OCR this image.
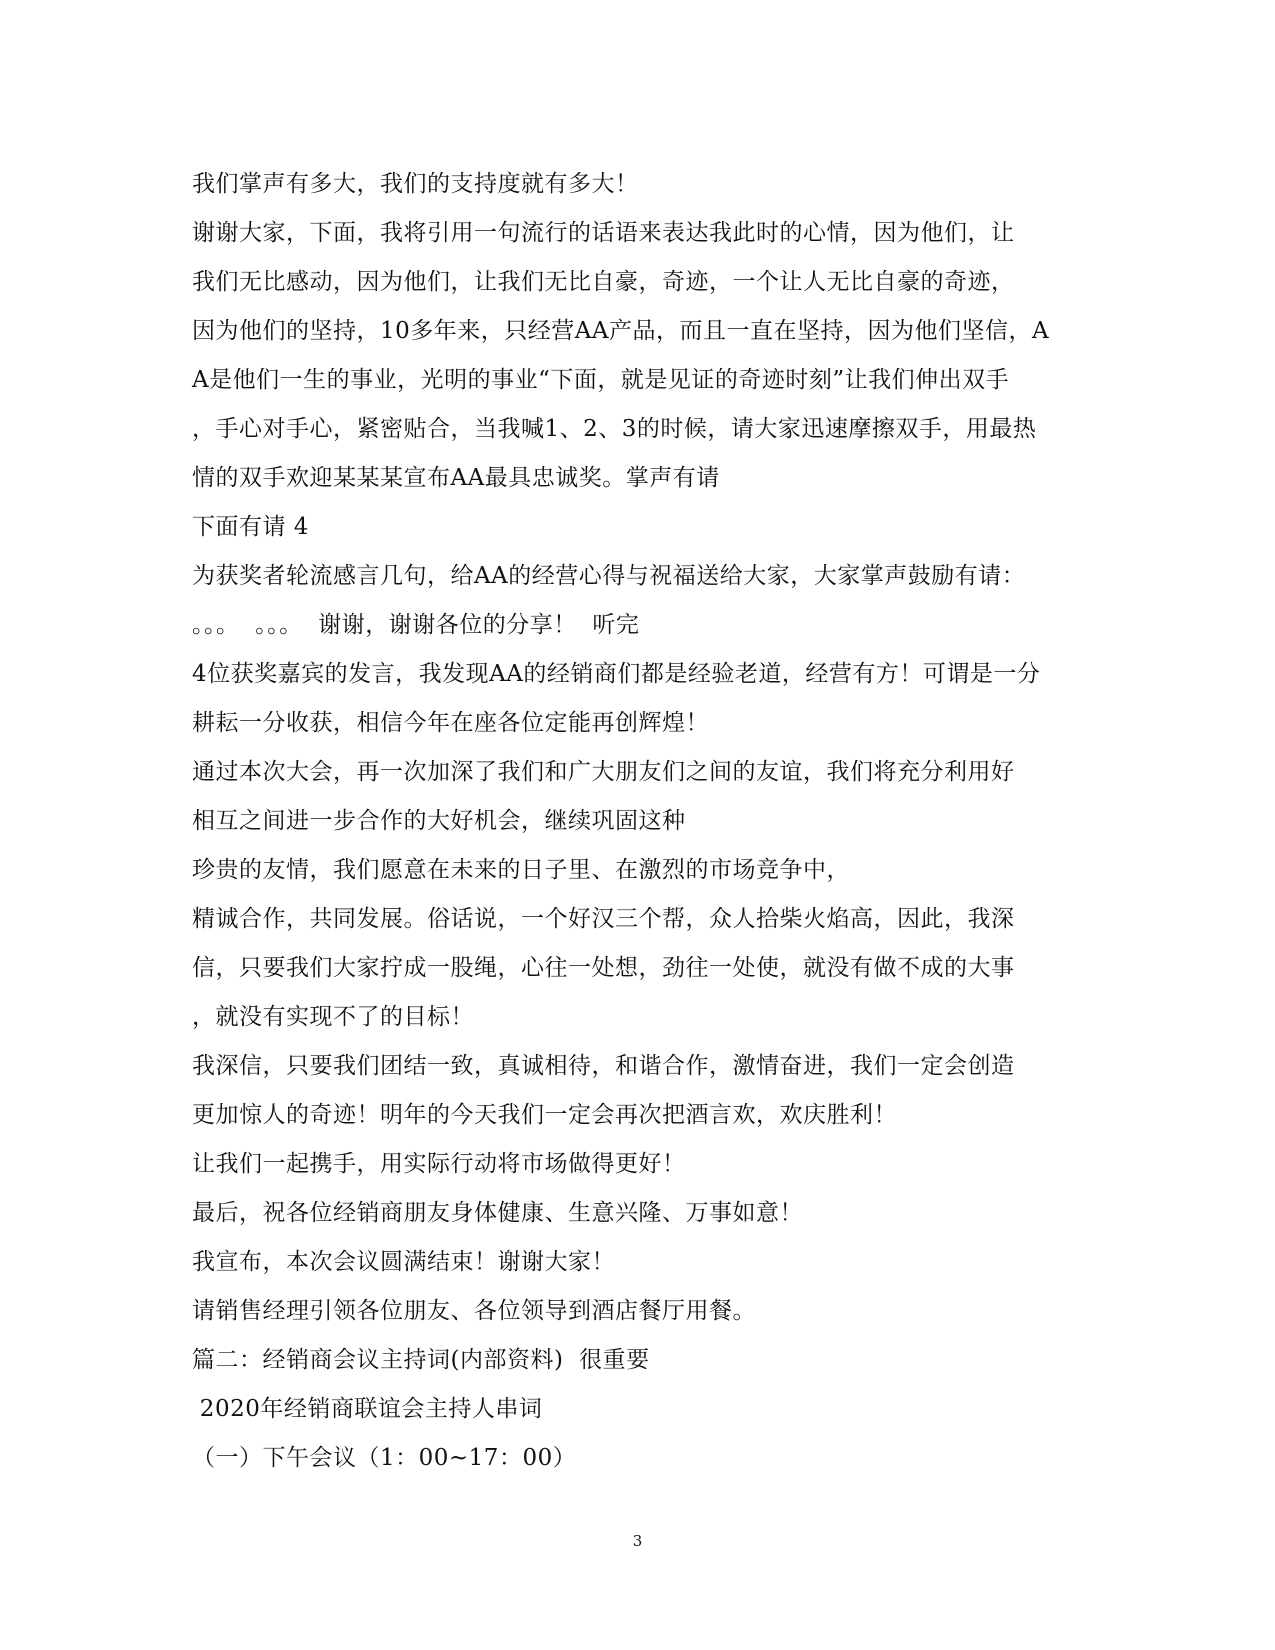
我们掌声有多大，我们的支持度就有多大！
谢谢大家，下面，我将引用一句流行的话语来表达我此时的心情，因为他们，让
我们无比感动，因为他们，让我们无比自豪，奇迹，一个让人无比自豪的奇迹，
因为他们的坚持，10多年来，只经营AA产品，而且一直在坚持，因为他们坚信，A
A是他们一生的事业，光明的事业“下面，就是见证的奇迹时刻”让我们伸出双手
，手心对手心，紧密贴合，当我喊1、2、3的时候，请大家迅速摩擦双手，用最热
情的双手欢迎某某某宣布AA最具忠诚奖。掌声有请
下面有请 4
为获奖者轮流感言几句，给AA的经营心得与祝福送给大家，大家掌声鼓励有请：
。。。  。。。  谢谢，谢谢各位的分享！  听完
4位获奖嘉宾的发言，我发现AA的经销商们都是经验老道，经营有方！可谓是一分
耕耘一分收获，相信今年在座各位定能再创辉煌！
通过本次大会，再一次加深了我们和广大朋友们之间的友谊，我们将充分利用好
相互之间进一步合作的大好机会，继续巩固这种
珍贵的友情，我们愿意在未来的日子里、在激烈的市场竞争中，
精诚合作，共同发展。俗话说，一个好汉三个帮，众人拾柴火焰高，因此，我深
信，只要我们大家拧成一股绳，心往一处想，劲往一处使，就没有做不成的大事
，就没有实现不了的目标！
我深信，只要我们团结一致，真诚相待，和谐合作，激情奋进，我们一定会创造
更加惊人的奇迹！明年的今天我们一定会再次把酒言欢，欢庆胜利！
让我们一起携手，用实际行动将市场做得更好！
最后，祝各位经销商朋友身体健康、生意兴隆、万事如意！
我宣布，本次会议圆满结束！谢谢大家！
请销售经理引领各位朋友、各位领导到酒店餐厅用餐。
篇二：经销商会议主持词(内部资料)  很重要
2020年经销商联谊会主持人串词
（一）下午会议（1：00~17：00）
3
